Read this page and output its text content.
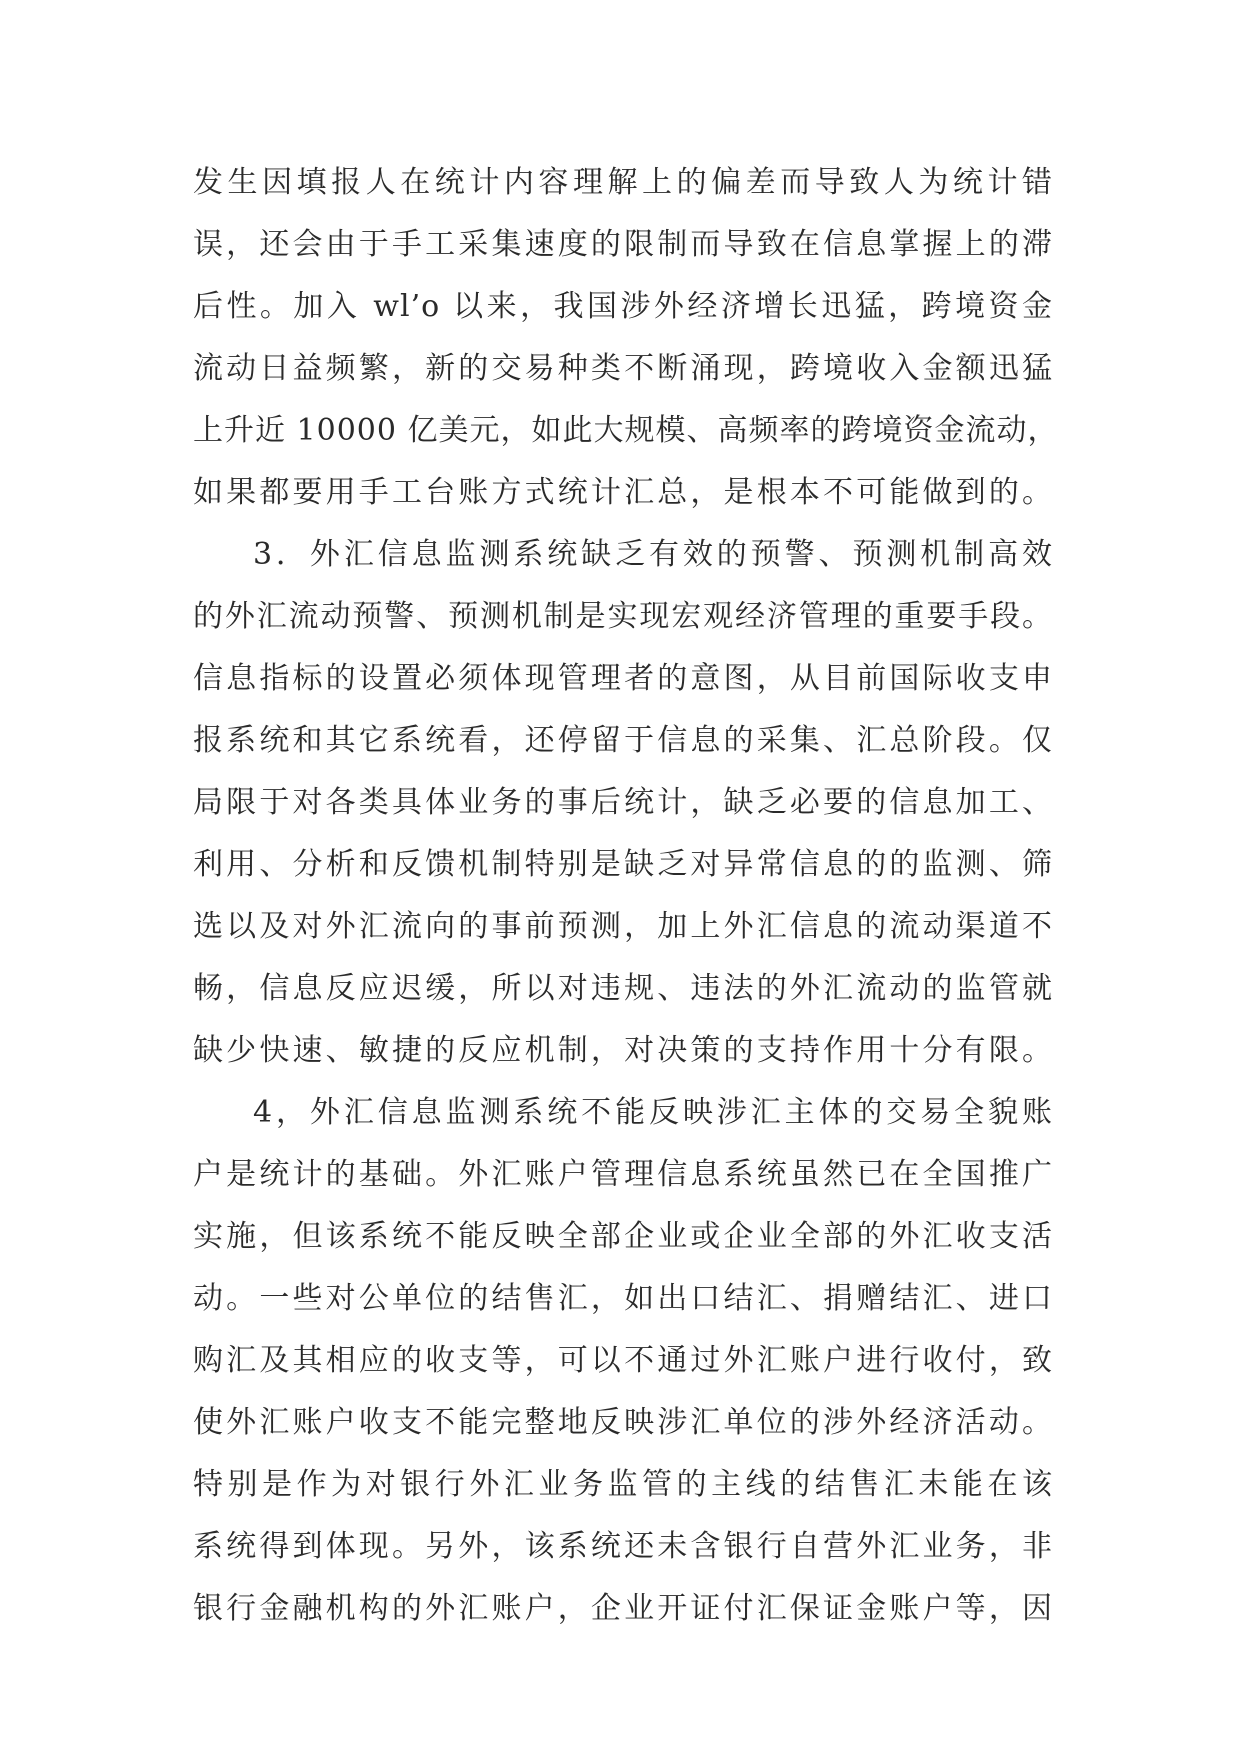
发生因填报人在统计内容理解上的偏差而导致人为统计错
误，还会由于手工采集速度的限制而导致在信息掌握上的滞
后性。加入 wl’o 以来，我国涉外经济增长迅猛，跨境资金
流动日益频繁，新的交易种类不断涌现，跨境收入金额迅猛
上升近 10000 亿美元，如此大规模、高频率的跨境资金流动，
如果都要用手工台账方式统计汇总，是根本不可能做到的。
3．外汇信息监测系统缺乏有效的预警、预测机制高效
的外汇流动预警、预测机制是实现宏观经济管理的重要手段。
信息指标的设置必须体现管理者的意图，从目前国际收支申
报系统和其它系统看，还停留于信息的采集、汇总阶段。仅
局限于对各类具体业务的事后统计，缺乏必要的信息加工、
利用、分析和反馈机制特别是缺乏对异常信息的的监测、筛
选以及对外汇流向的事前预测，加上外汇信息的流动渠道不
畅，信息反应迟缓，所以对违规、违法的外汇流动的监管就
缺少快速、敏捷的反应机制，对决策的支持作用十分有限。
4，外汇信息监测系统不能反映涉汇主体的交易全貌账
户是统计的基础。外汇账户管理信息系统虽然已在全国推广
实施，但该系统不能反映全部企业或企业全部的外汇收支活
动。一些对公单位的结售汇，如出口结汇、捐赠结汇、进口
购汇及其相应的收支等，可以不通过外汇账户进行收付，致
使外汇账户收支不能完整地反映涉汇单位的涉外经济活动。
特别是作为对银行外汇业务监管的主线的结售汇未能在该
系统得到体现。另外，该系统还未含银行自营外汇业务，非
银行金融机构的外汇账户，企业开证付汇保证金账户等，因
